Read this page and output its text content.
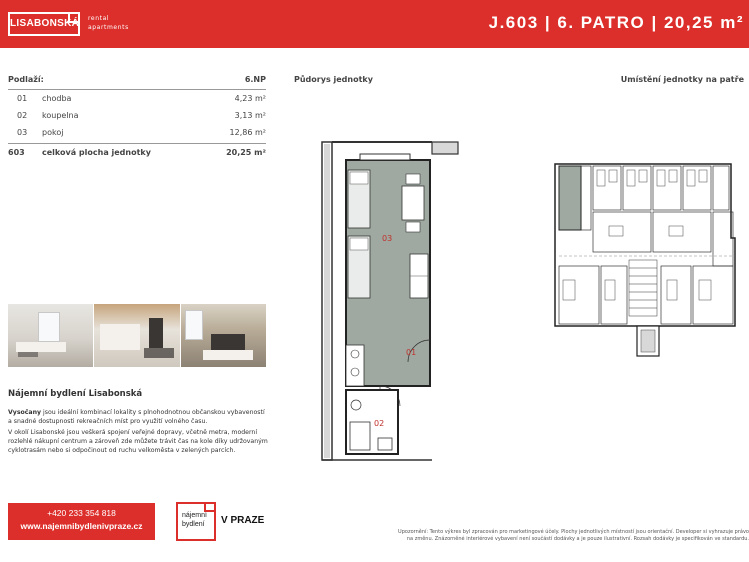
LISABONSKÁ rental
apartments	J.603 | 6. PATRO | 20,25 m²
Podlaží:	6.NP
01 chodba	4,23 m²
02 koupelna	3,13 m²
03 pokoj	12,86 m²
603	celková plocha jednotky	20,25 m²
Nájemní bydlení Lisabonská

Vysočany jsou ideální kombinací lokality s plnohodnotnou občanskou vybaveností a snadné dostupnosti rekreačních míst pro využití volného času.

V okolí Lisabonské jsou veškerá spojení veřejné dopravy, včetně metra, moderní rozlehlé nákupní centrum a zároveň zde můžete trávit čas na kole díky udržovaným cyklotrasám nebo si odpočinout od ruchu velkoměsta v zelených parcích.

+420 233 354 818
www.najemnibydlenivpraze.cz
nájemní
bydlení	V PRAZE
Upozornění: Tento výkres byl zpracován pro marketingové účely. Plochy jednotlivých místností jsou orientační. Developer si vyhrazuje právo
na změnu. Znázorněné interiérové vybavení není součástí dodávky a je pouze ilustrativní. Rozsah dodávky je specifikován ve standardu.
Půdorys jednotky	Umístění jednotky na patře
03
01
02
